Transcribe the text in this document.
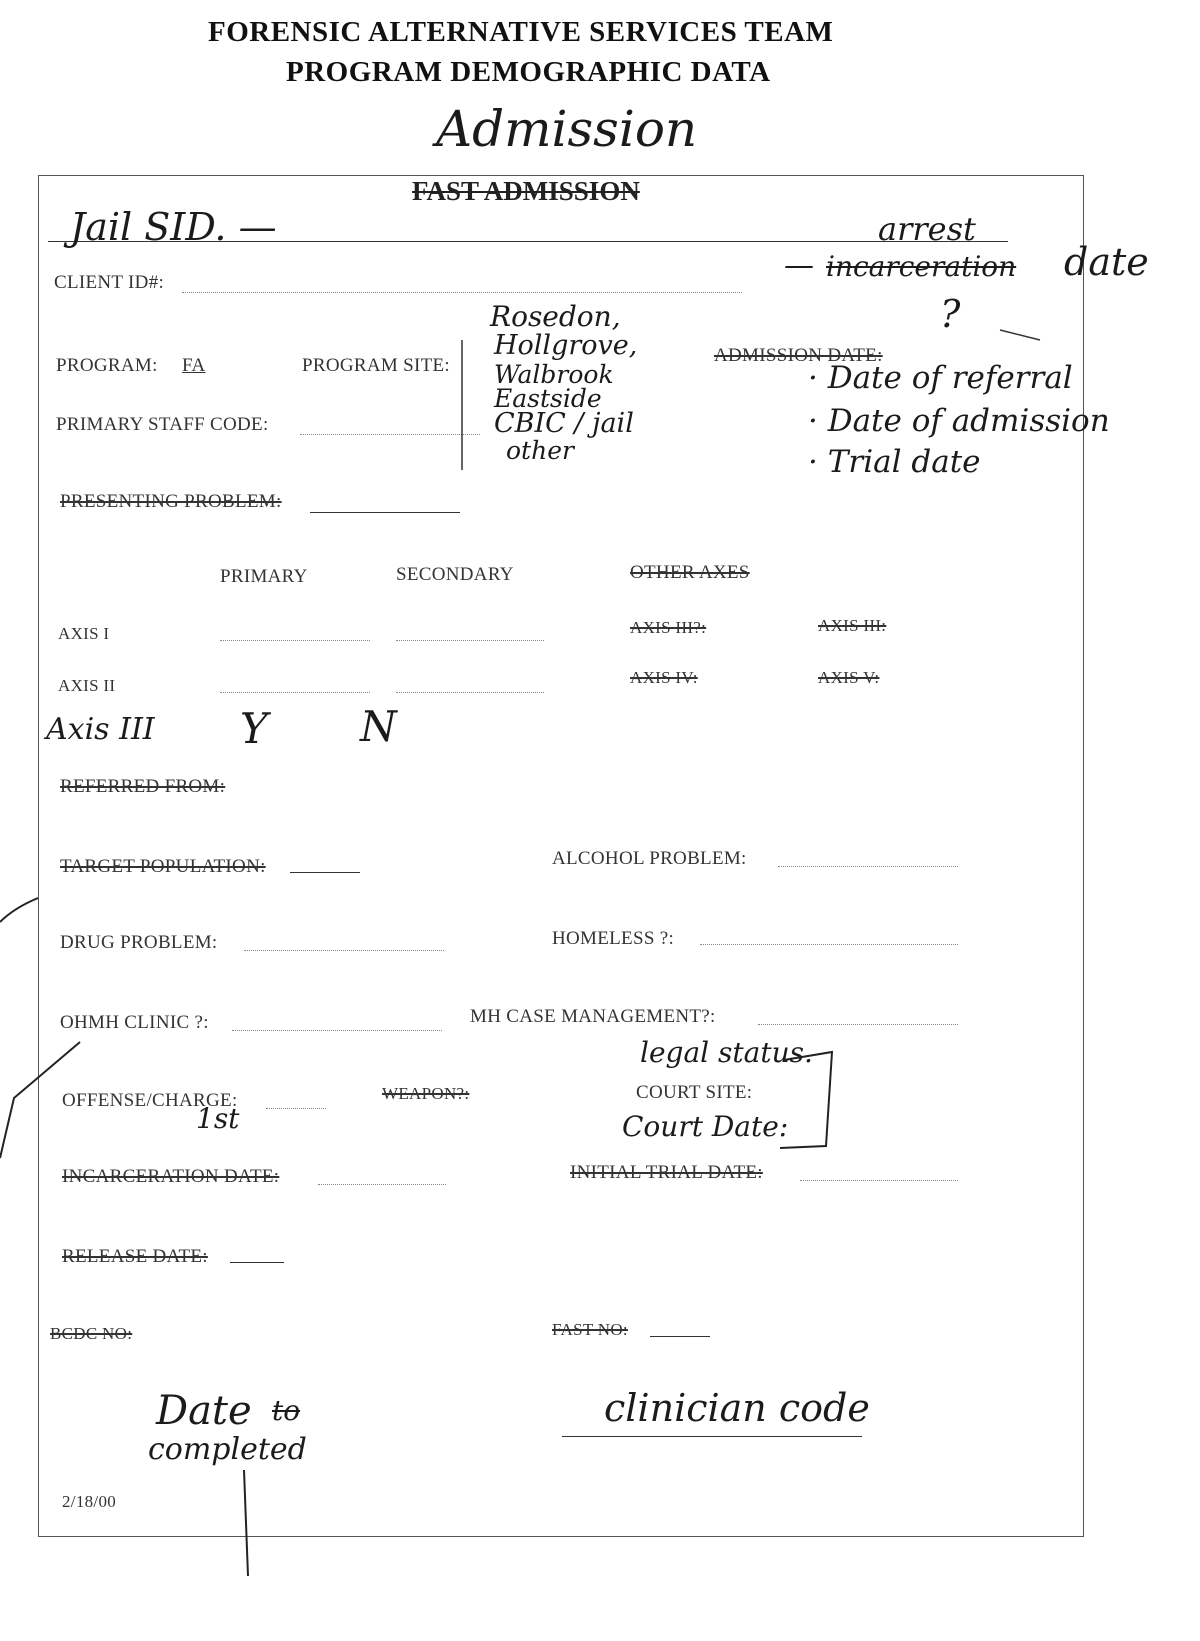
FORENSIC ALTERNATIVE SERVICES TEAM
PROGRAM DEMOGRAPHIC DATA
Admission
FAST ADMISSION
Jail SID. —
CLIENT ID#:
arrest
— incarceration date
?
PROGRAM: FA	PROGRAM SITE:	ADMISSION DATE:
Rosedon,
Hollgrove,
Walbrook
Eastside
CBIC / jail
other
· Date of referral
· Date of admission
· Trial date
PRIMARY STAFF CODE:
PRESENTING PROBLEM:
PRIMARY	SECONDARY	OTHER AXES
AXIS I	AXIS III?:	AXIS III:
AXIS II	AXIS IV:	AXIS V:
Axis III Y N
REFERRED FROM:
TARGET POPULATION:	ALCOHOL PROBLEM:
DRUG PROBLEM:	HOMELESS ?:
OHMH CLINIC ?:	MH CASE MANAGEMENT?:
OFFENSE/CHARGE:
1st
WEAPON?:	COURT SITE:
legal status.
Court Date:
INCARCERATION DATE:	INITIAL TRIAL DATE:
RELEASE DATE:
BCDC NO:	FAST NO:
Date to
completed
clinician code
2/18/00
